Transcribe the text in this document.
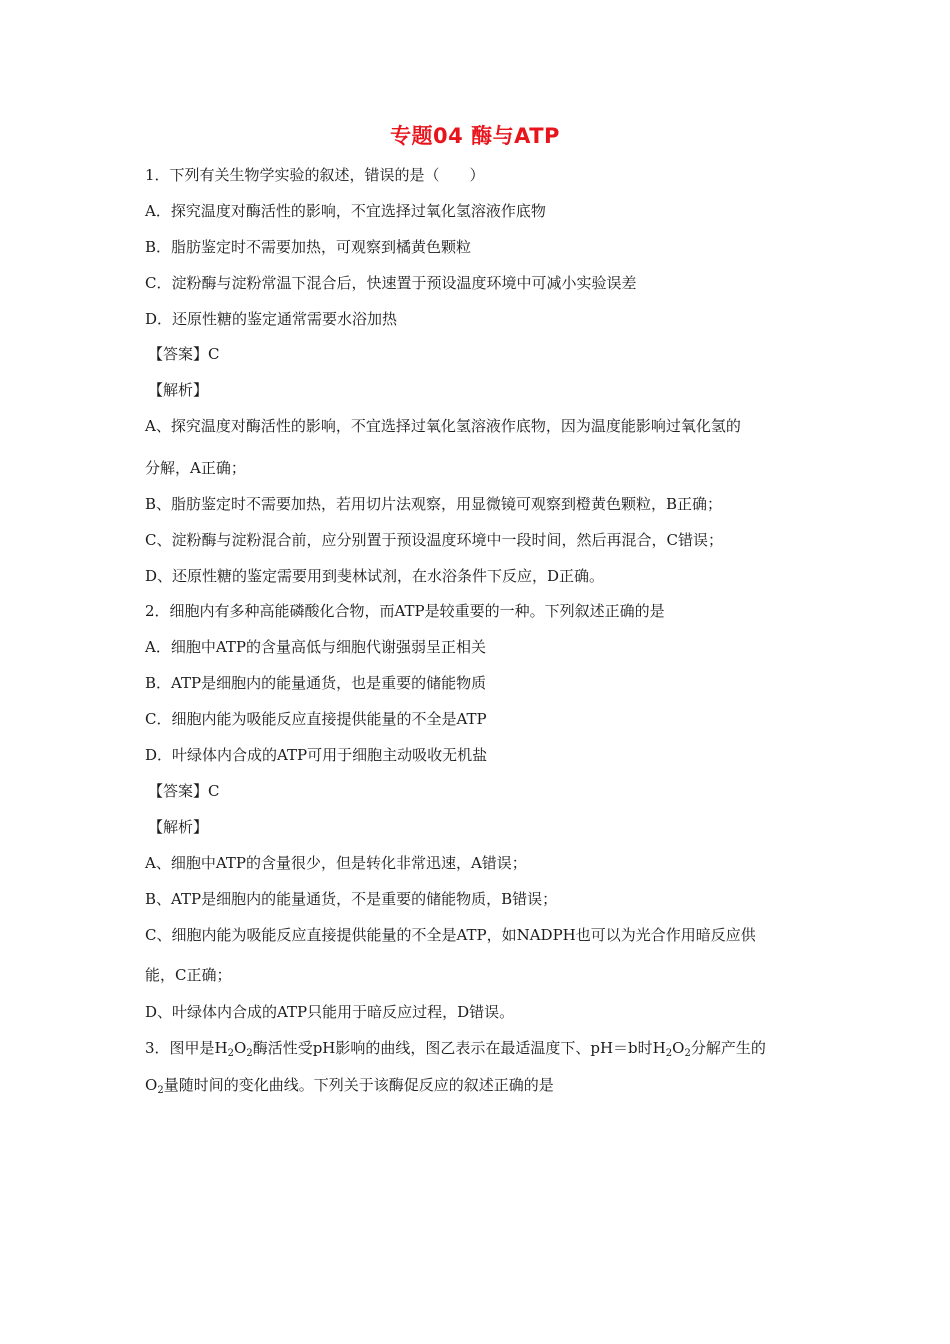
专题04 酶与ATP
1．下列有关生物学实验的叙述，错误的是（　　）
A．探究温度对酶活性的影响，不宜选择过氧化氢溶液作底物
B．脂肪鉴定时不需要加热，可观察到橘黄色颗粒
C．淀粉酶与淀粉常温下混合后，快速置于预设温度环境中可减小实验误差
D．还原性糖的鉴定通常需要水浴加热
【答案】C
【解析】
A、探究温度对酶活性的影响，不宜选择过氧化氢溶液作底物，因为温度能影响过氧化氢的
分解，A正确；
B、脂肪鉴定时不需要加热，若用切片法观察，用显微镜可观察到橙黄色颗粒，B正确；
C、淀粉酶与淀粉混合前，应分别置于预设温度环境中一段时间，然后再混合，C错误；
D、还原性糖的鉴定需要用到斐林试剂，在水浴条件下反应，D正确。
2．细胞内有多种高能磷酸化合物，而ATP是较重要的一种。下列叙述正确的是
A．细胞中ATP的含量高低与细胞代谢强弱呈正相关
B．ATP是细胞内的能量通货，也是重要的储能物质
C．细胞内能为吸能反应直接提供能量的不全是ATP
D．叶绿体内合成的ATP可用于细胞主动吸收无机盐
【答案】C
【解析】
A、细胞中ATP的含量很少，但是转化非常迅速，A错误；
B、ATP是细胞内的能量通货，不是重要的储能物质，B错误；
C、细胞内能为吸能反应直接提供能量的不全是ATP，如NADPH也可以为光合作用暗反应供
能，C正确；
D、叶绿体内合成的ATP只能用于暗反应过程，D错误。
3．图甲是$H_2O_2$酶活性受pH影响的曲线，图乙表示在最适温度下、pH＝b时$H_2O_2$分解产生的
$O_2$量随时间的变化曲线。下列关于该酶促反应的叙述正确的是
